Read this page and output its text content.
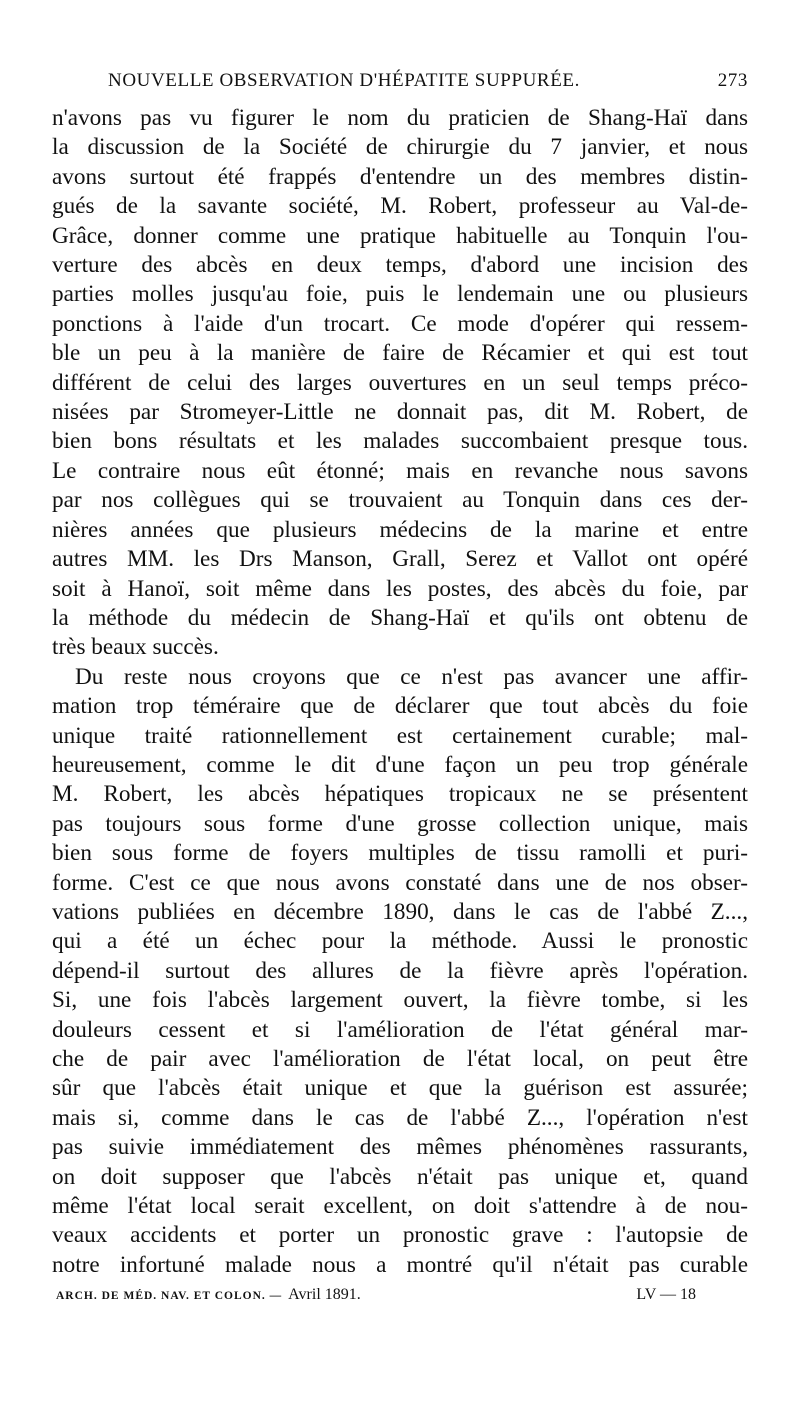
NOUVELLE OBSERVATION D'HÉPATITE SUPPURÉE.	273
n'avons pas vu figurer le nom du praticien de Shang-Haï dans
la discussion de la Société de chirurgie du 7 janvier, et nous
avons surtout été frappés d'entendre un des membres distin-
gués de la savante société, M. Robert, professeur au Val-de-
Grâce, donner comme une pratique habituelle au Tonquin l'ou-
verture des abcès en deux temps, d'abord une incision des
parties molles jusqu'au foie, puis le lendemain une ou plusieurs
ponctions à l'aide d'un trocart. Ce mode d'opérer qui ressem-
ble un peu à la manière de faire de Récamier et qui est tout
différent de celui des larges ouvertures en un seul temps préco-
nisées par Stromeyer-Little ne donnait pas, dit M. Robert, de
bien bons résultats et les malades succombaient presque tous.
Le contraire nous eût étonné; mais en revanche nous savons
par nos collègues qui se trouvaient au Tonquin dans ces der-
nières années que plusieurs médecins de la marine et entre
autres MM. les Drs Manson, Grall, Serez et Vallot ont opéré
soit à Hanoï, soit même dans les postes, des abcès du foie, par
la méthode du médecin de Shang-Haï et qu'ils ont obtenu de
très beaux succès.
Du reste nous croyons que ce n'est pas avancer une affir-
mation trop téméraire que de déclarer que tout abcès du foie
unique traité rationnellement est certainement curable; mal-
heureusement, comme le dit d'une façon un peu trop générale
M. Robert, les abcès hépatiques tropicaux ne se présentent
pas toujours sous forme d'une grosse collection unique, mais
bien sous forme de foyers multiples de tissu ramolli et puri-
forme. C'est ce que nous avons constaté dans une de nos obser-
vations publiées en décembre 1890, dans le cas de l'abbé Z...,
qui a été un échec pour la méthode. Aussi le pronostic
dépend-il surtout des allures de la fièvre après l'opération.
Si, une fois l'abcès largement ouvert, la fièvre tombe, si les
douleurs cessent et si l'amélioration de l'état général mar-
che de pair avec l'amélioration de l'état local, on peut être
sûr que l'abcès était unique et que la guérison est assurée;
mais si, comme dans le cas de l'abbé Z..., l'opération n'est
pas suivie immédiatement des mêmes phénomènes rassurants,
on doit supposer que l'abcès n'était pas unique et, quand
même l'état local serait excellent, on doit s'attendre à de nou-
veaux accidents et porter un pronostic grave : l'autopsie de
notre infortuné malade nous a montré qu'il n'était pas curable
ARCH. DE MÉD. NAV. ET COLON. — Avril 1891.	LV — 18
